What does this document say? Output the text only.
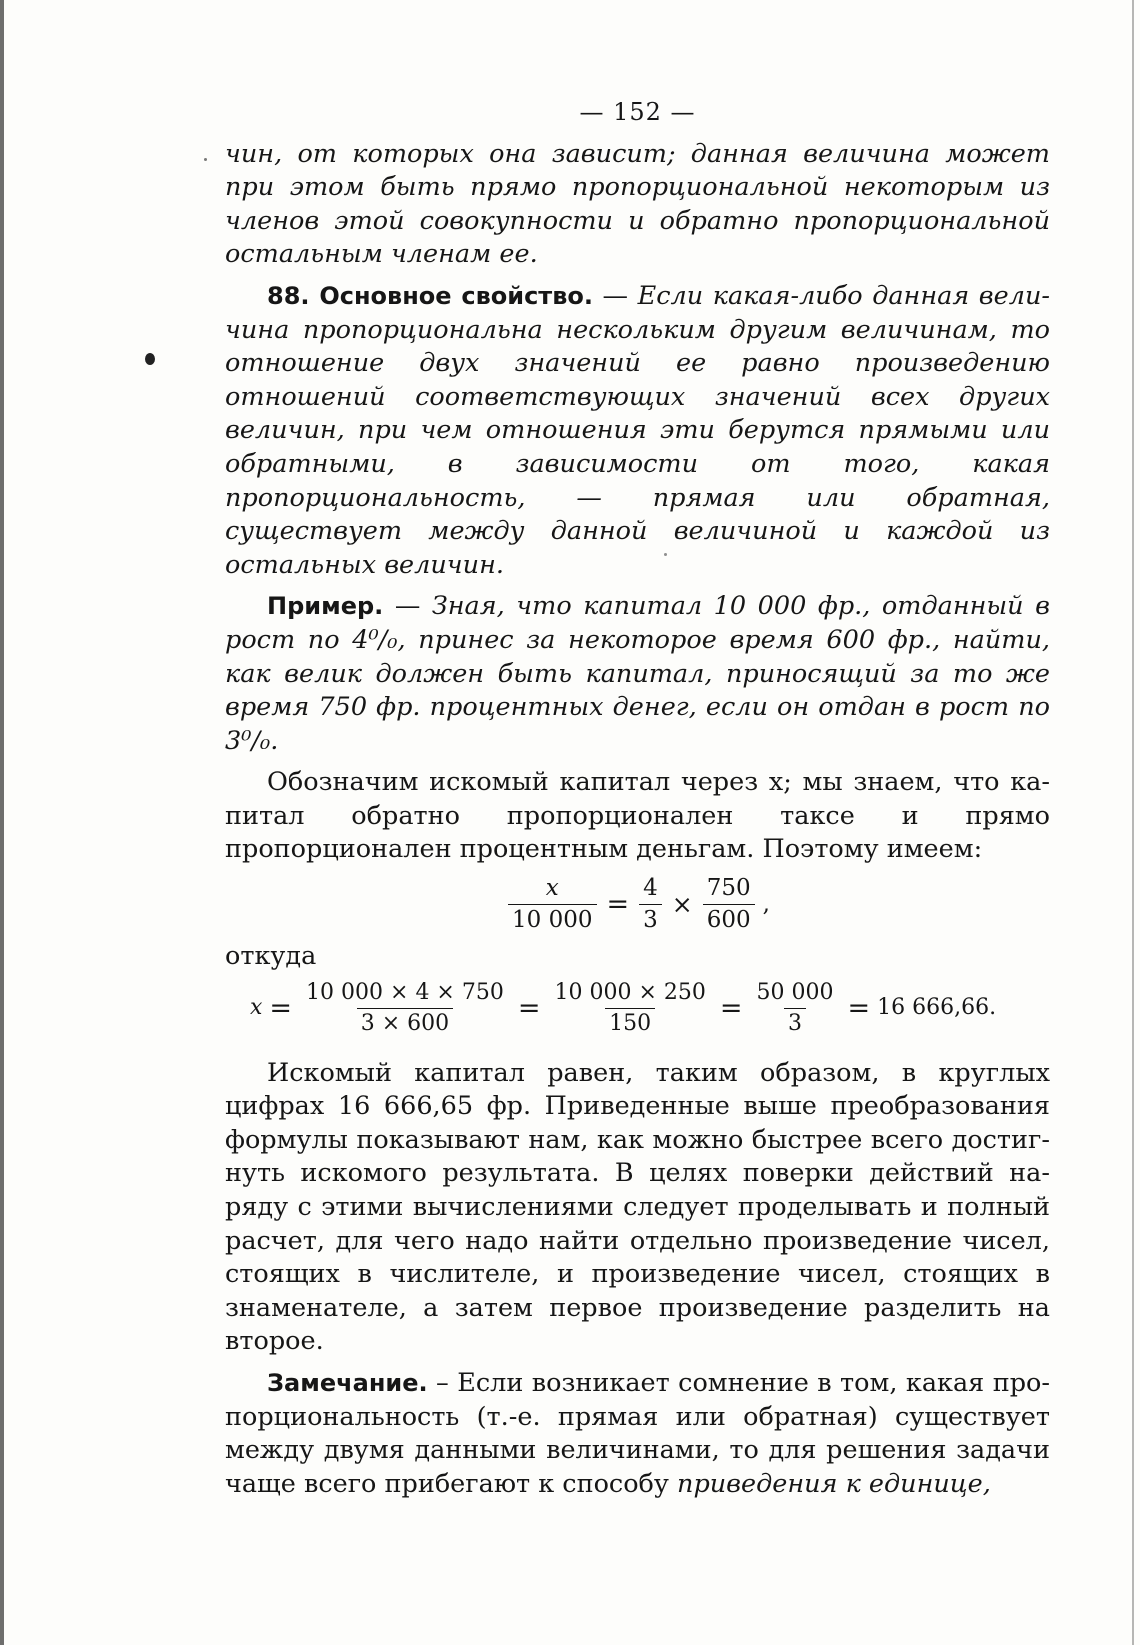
— 152 —

чин, от которых она зависит; данная величина может при этом быть прямо пропорциональной некоторым из членов этой совокупности и обратно пропорциональной остальным членам ее.

88. Основное свойство. — Если какая-либо данная величина пропорциональна нескольким другим величинам, то отношение двух значений ее равно произведению отношений соответствующих значений всех других величин, при чем отношения эти берутся прямыми или обратными, в зависимости от того, какая пропорциональность, — прямая или обратная, существует между данной величиной и каждой из остальных величин.

Пример. — Зная, что капитал 10 000 фр., отданный в рост по 4⁰/₀, принес за некоторое время 600 фр., найти, как велик должен быть капитал, приносящий за то же время 750 фр. процентных денег, если он отдан в рост по 3⁰/₀.

Обозначим искомый капитал через x; мы знаем, что капитал обратно пропорционален таксе и прямо пропорционален процентным деньгам. Поэтому имеем:

$\frac{x}{10 000} = \frac{4}{3} \times \frac{750}{600}$ ,

откуда

$x = \frac{10 000 \times 4 \times 750}{3 \times 600} = \frac{10 000 \times 250}{150} = \frac{50 000}{3} = 16$ 666,66.

Искомый капитал равен, таким образом, в круглых цифрах 16 666,65 фр. Приведенные выше преобразования формулы показывают нам, как можно быстрее всего достигнуть искомого результата. В целях поверки действий наряду с этими вычислениями следует проделывать и полный расчет, для чего надо найти отдельно произведение чисел, стоящих в числителе, и произведение чисел, стоящих в знаменателе, а затем первое произведение разделить на второе.

Замечание. – Если возникает сомнение в том, какая пропорциональность (т.-е. прямая или обратная) существует между двумя данными величинами, то для решения задачи чаще всего прибегают к способу приведения к единице,
